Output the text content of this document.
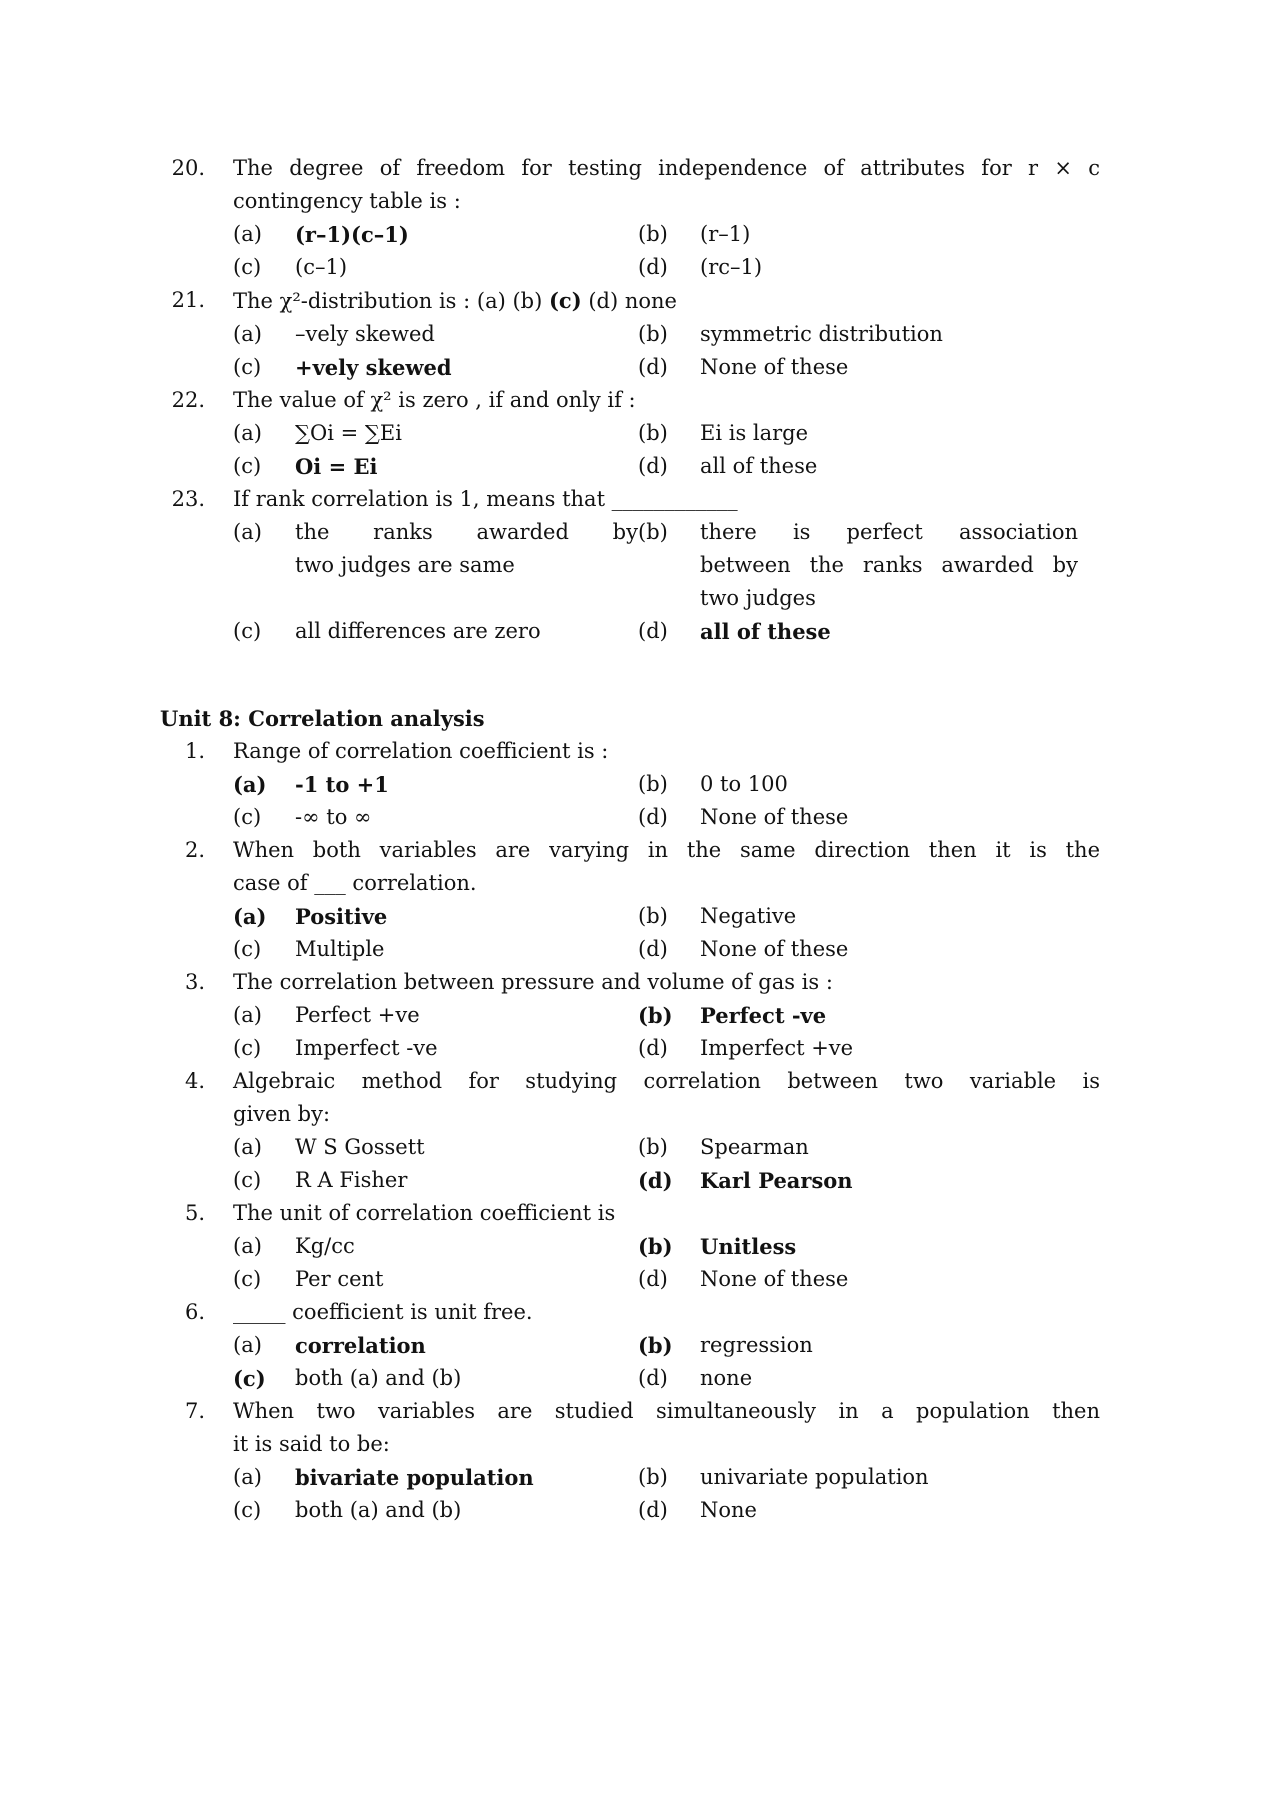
20.	The degree of freedom for testing independence of attributes for r × c
contingency table is :
(a)	(r–1)(c–1)	(b)	(r–1)
(c)	(c–1)	(d)	(rc–1)
21.	The χ²-distribution is : (a) (b) (c) (d) none
(a)	–vely skewed	(b)	symmetric distribution
(c)	+vely skewed	(d)	None of these
22.	The value of χ² is zero , if and only if :
(a)	∑Oi = ∑Ei	(b)	Ei is large
(c)	Oi = Ei	(d)	all of these
23.	If rank correlation is 1, means that ____________
(a)	the ranks awarded by
two judges are same
(b)	there is perfect association
between the ranks awarded by
two judges
(c)	all differences are zero	(d)	all of these
Unit 8: Correlation analysis
1.	Range of correlation coefficient is :
(a)	-1 to +1	(b)	0 to 100
(c)	-∞ to ∞	(d)	None of these
2.	When both variables are varying in the same direction then it is the
case of ___ correlation.
(a)	Positive	(b)	Negative
(c)	Multiple	(d)	None of these
3.	The correlation between pressure and volume of gas is :
(a)	Perfect +ve	(b)	Perfect -ve
(c)	Imperfect -ve	(d)	Imperfect +ve
4.	Algebraic method for studying correlation between two variable is
given by:
(a)	W S Gossett	(b)	Spearman
(c)	R A Fisher	(d)	Karl Pearson
5.	The unit of correlation coefficient is
(a)	Kg/cc	(b)	Unitless
(c)	Per cent	(d)	None of these
6.	_____ coefficient is unit free.
(a)	correlation	(b)	regression
(c)	both (a) and (b)	(d)	none
7.	When two variables are studied simultaneously in a population then
it is said to be:
(a)	bivariate population	(b)	univariate population
(c)	both (a) and (b)	(d)	None
